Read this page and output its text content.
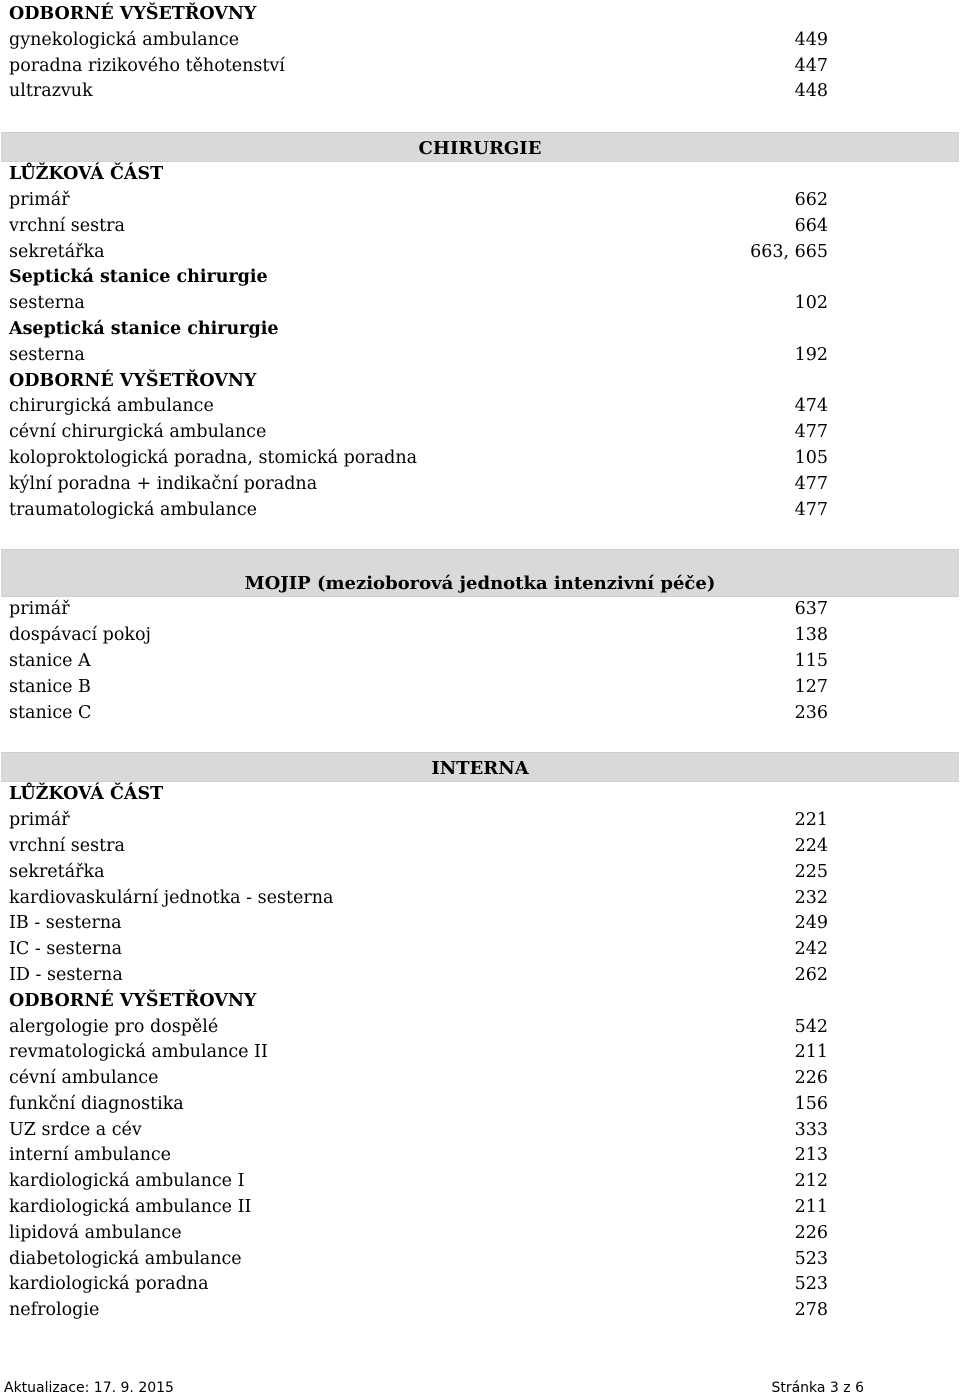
ODBORNÉ VYŠETŘOVNY
gynekologická ambulance	449
poradna rizikového těhotenství	447
ultrazvuk	448
CHIRURGIE
LŮŽKOVÁ ČÁST
primář	662
vrchní sestra	664
sekretářka	663, 665
Septická stanice chirurgie
sesterna	102
Aseptická stanice chirurgie
sesterna	192
ODBORNÉ VYŠETŘOVNY
chirurgická ambulance	474
cévní chirurgická ambulance	477
koloproktologická poradna, stomická poradna	105
kýlní poradna + indikační poradna	477
traumatologická ambulance	477
MOJIP (mezioborová jednotka intenzivní péče)
primář	637
dospávací pokoj	138
stanice A	115
stanice B	127
stanice C	236
INTERNA
LŮŽKOVÁ ČÁST
primář	221
vrchní sestra	224
sekretářka	225
kardiovaskulární jednotka - sesterna	232
IB - sesterna	249
IC - sesterna	242
ID - sesterna	262
ODBORNÉ VYŠETŘOVNY
alergologie pro dospělé	542
revmatologická ambulance II	211
cévní ambulance	226
funkční diagnostika	156
UZ srdce a cév	333
interní ambulance	213
kardiologická ambulance I	212
kardiologická ambulance II	211
lipidová ambulance	226
diabetologická ambulance	523
kardiologická poradna	523
nefrologie	278
Aktualizace: 17. 9. 2015	Stránka 3 z 6
